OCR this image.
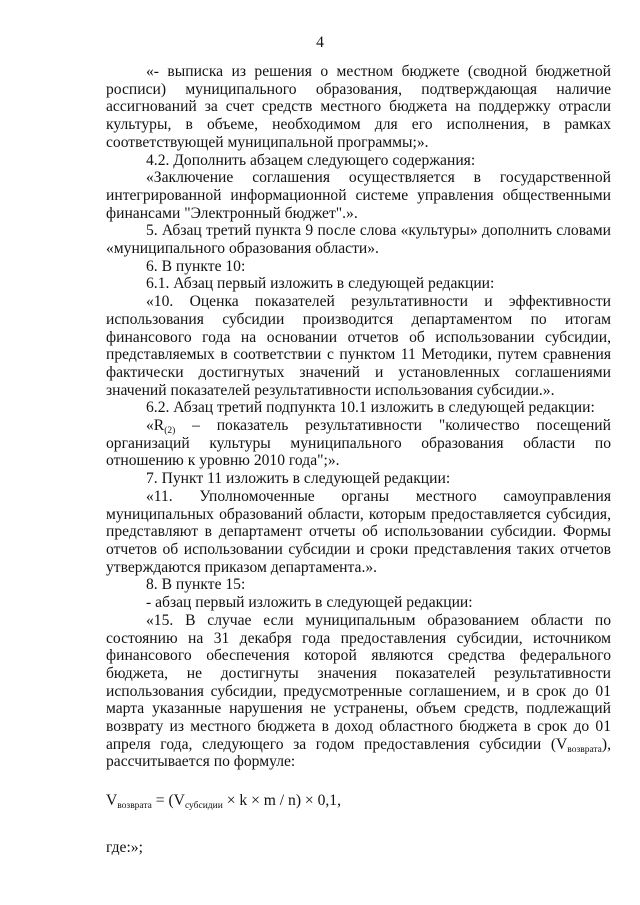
4

«- выписка из решения о местном бюджете (сводной бюджетной росписи) муниципального образования, подтверждающая наличие ассигнований за счет средств местного бюджета на поддержку отрасли культуры, в объеме, необходимом для его исполнения, в рамках соответствующей муниципальной программы;».

4.2. Дополнить абзацем следующего содержания:

«Заключение соглашения осуществляется в государственной интегрированной информационной системе управления общественными финансами "Электронный бюджет".».

5. Абзац третий пункта 9 после слова «культуры» дополнить словами «муниципального образования области».

6. В пункте 10:

6.1. Абзац первый изложить в следующей редакции:

«10. Оценка показателей результативности и эффективности использования субсидии производится департаментом по итогам финансового года на основании отчетов об использовании субсидии, представляемых в соответствии с пунктом 11 Методики, путем сравнения фактически достигнутых значений и установленных соглашениями значений показателей результативности использования субсидии.».

6.2. Абзац третий подпункта 10.1 изложить в следующей редакции:

«$R_{(2)}$ – показатель результативности "количество посещений организаций культуры муниципального образования области по отношению к уровню 2010 года";».

7. Пункт 11 изложить в следующей редакции:

«11. Уполномоченные органы местного самоуправления муниципальных образований области, которым предоставляется субсидия, представляют в департамент отчеты об использовании субсидии. Формы отчетов об использовании субсидии и сроки представления таких отчетов утверждаются приказом департамента.».

8. В пункте 15:

- абзац первый изложить в следующей редакции:

«15. В случае если муниципальным образованием области по состоянию на 31 декабря года предоставления субсидии, источником финансового обеспечения которой являются средства федерального бюджета, не достигнуты значения показателей результативности использования субсидии, предусмотренные соглашением, и в срок до 01 марта указанные нарушения не устранены, объем средств, подлежащий возврату из местного бюджета в доход областного бюджета в срок до 01 апреля года, следующего за годом предоставления субсидии $(V_{возврата})$, рассчитывается по формуле:

$V_{возврата} = (V_{субсидии} \times k \times m / n) \times 0,1$,

где:»;
